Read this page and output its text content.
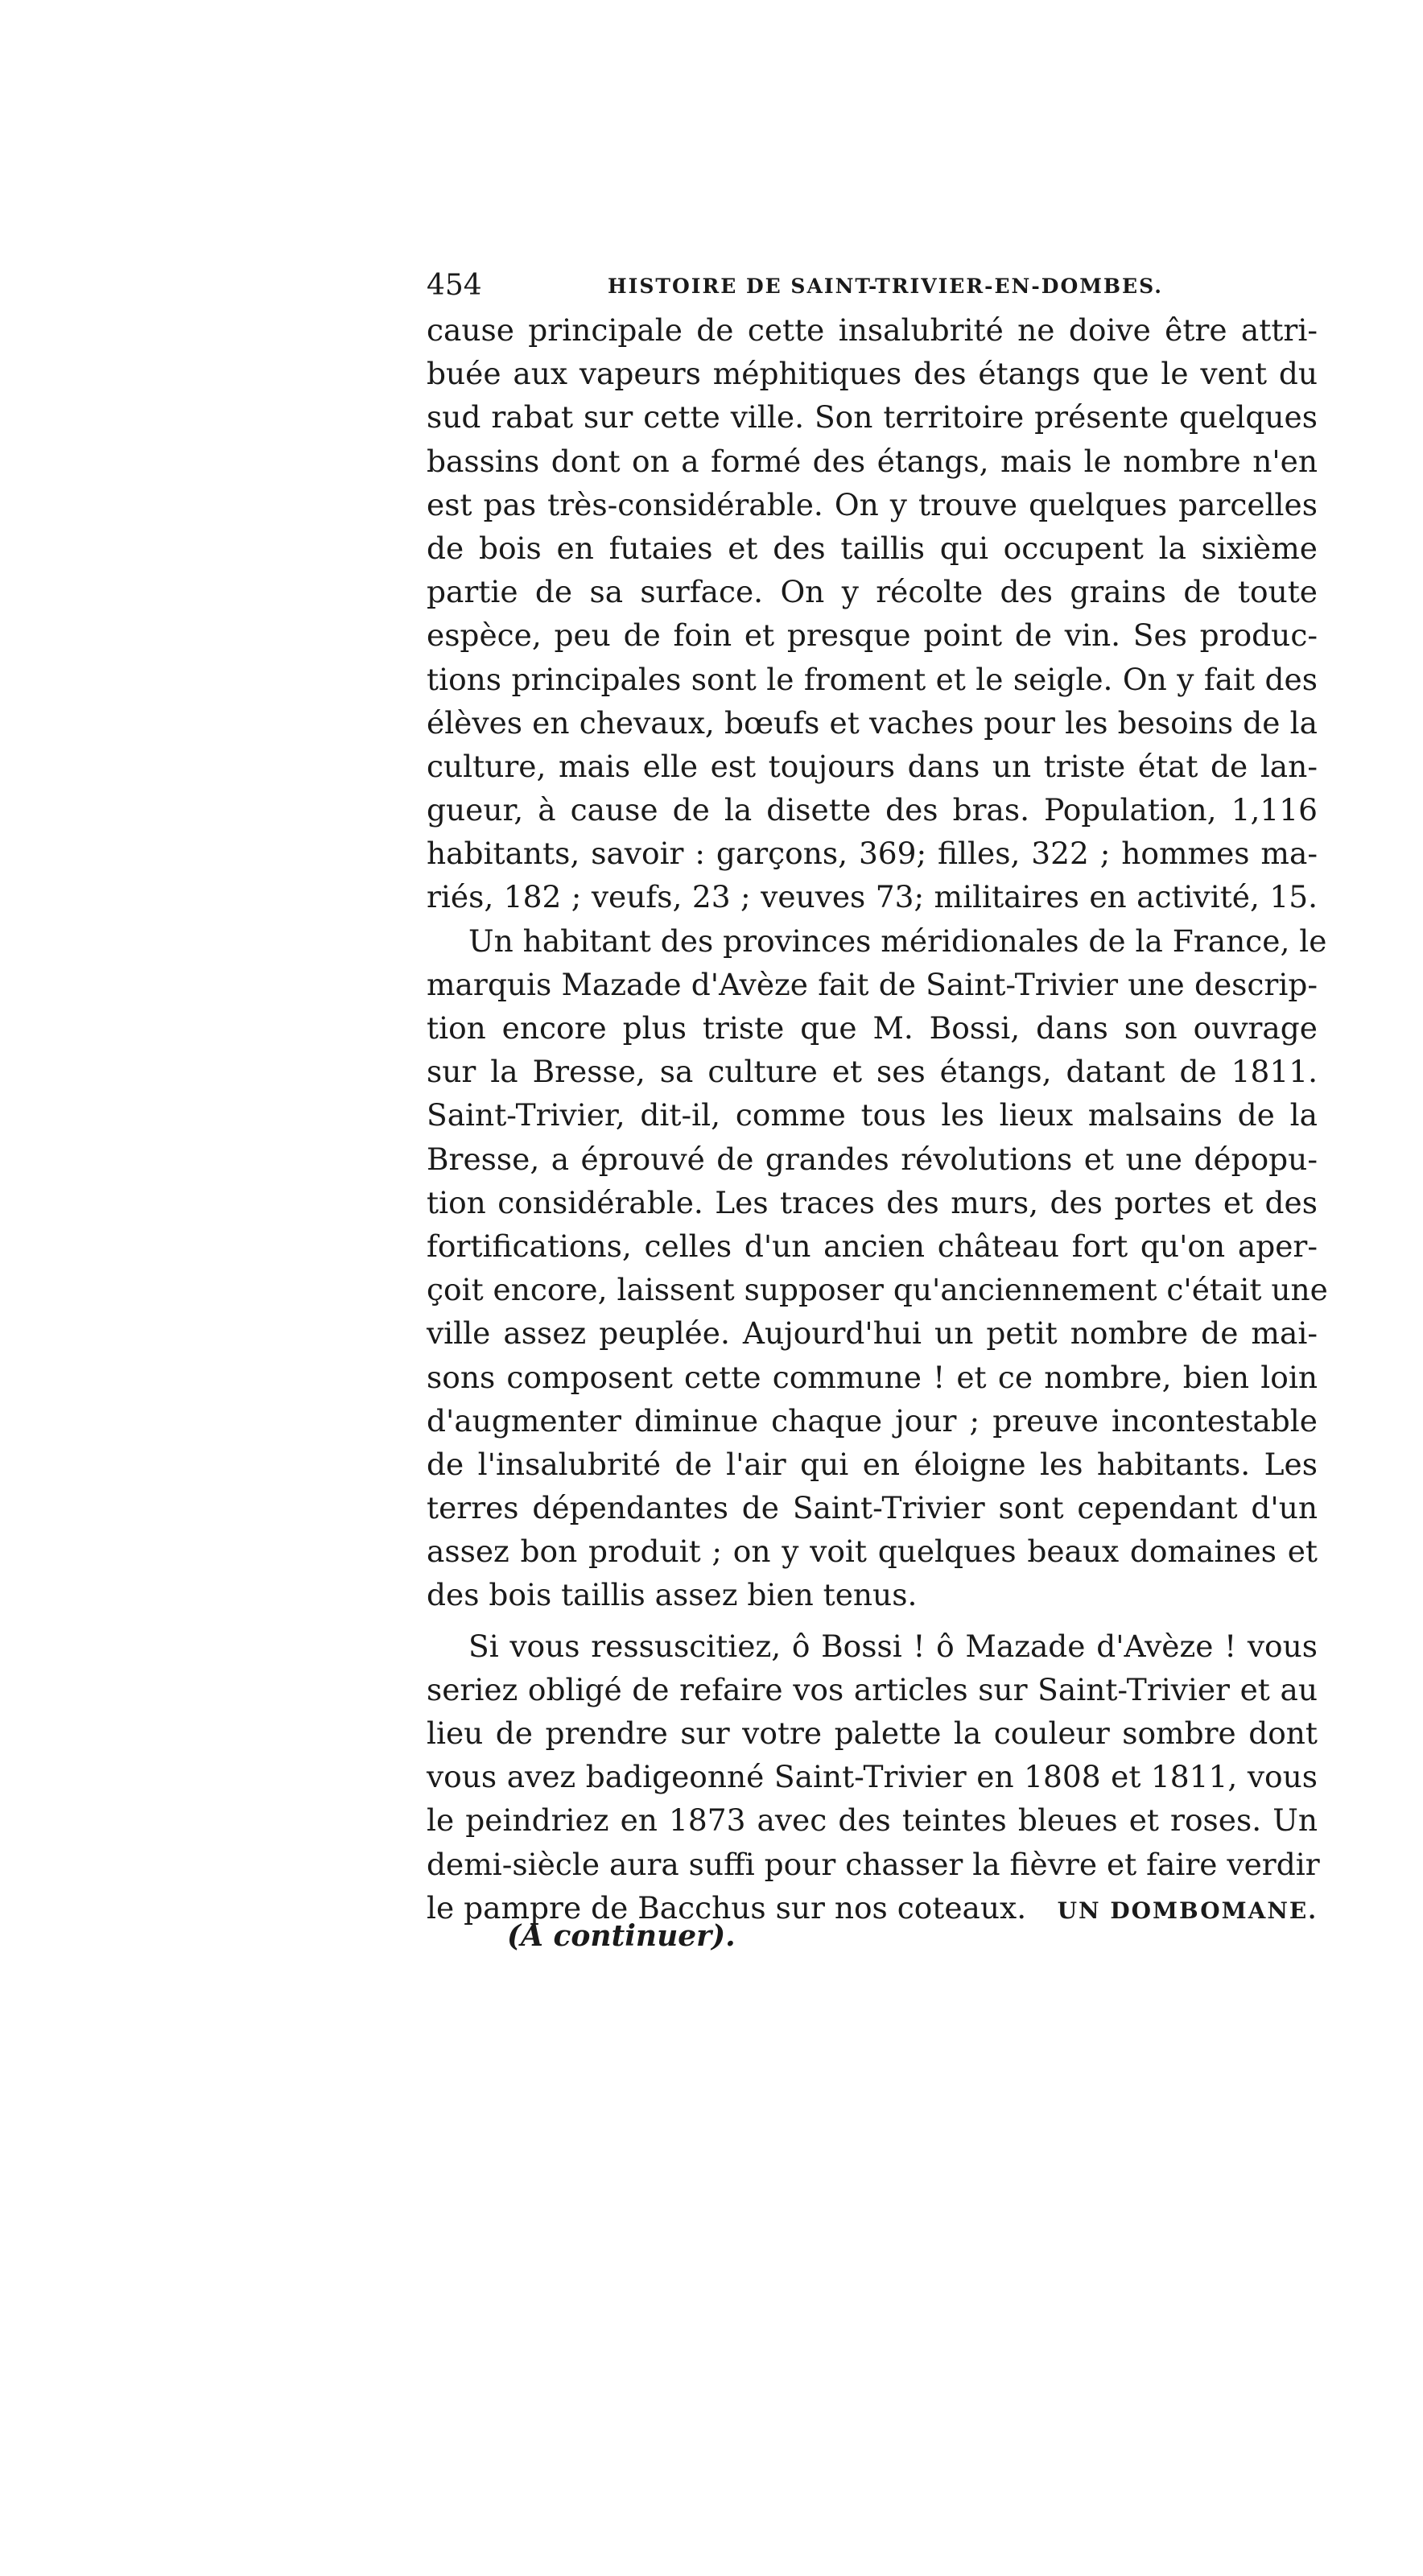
454	HISTOIRE DE SAINT-TRIVIER-EN-DOMBES.
cause principale de cette insalubrité ne doive être attri-
buée aux vapeurs méphitiques des étangs que le vent du
sud rabat sur cette ville. Son territoire présente quelques
bassins dont on a formé des étangs, mais le nombre n'en
est pas très-considérable. On y trouve quelques parcelles
de bois en futaies et des taillis qui occupent la sixième
partie de sa surface. On y récolte des grains de toute
espèce, peu de foin et presque point de vin. Ses produc-
tions principales sont le froment et le seigle. On y fait des
élèves en chevaux, bœufs et vaches pour les besoins de la
culture, mais elle est toujours dans un triste état de lan-
gueur, à cause de la disette des bras. Population, 1,116
habitants, savoir : garçons, 369; filles, 322 ; hommes ma-
riés, 182 ; veufs, 23 ; veuves 73; militaires en activité, 15.
Un habitant des provinces méridionales de la France, le
marquis Mazade d'Avèze fait de Saint-Trivier une descrip-
tion encore plus triste que M. Bossi, dans son ouvrage
sur la Bresse, sa culture et ses étangs, datant de 1811.
Saint-Trivier, dit-il, comme tous les lieux malsains de la
Bresse, a éprouvé de grandes révolutions et une dépopu-
tion considérable. Les traces des murs, des portes et des
fortifications, celles d'un ancien château fort qu'on aper-
çoit encore, laissent supposer qu'anciennement c'était une
ville assez peuplée. Aujourd'hui un petit nombre de mai-
sons composent cette commune ! et ce nombre, bien loin
d'augmenter diminue chaque jour ; preuve incontestable
de l'insalubrité de l'air qui en éloigne les habitants. Les
terres dépendantes de Saint-Trivier sont cependant d'un
assez bon produit ; on y voit quelques beaux domaines et
des bois taillis assez bien tenus.
Si vous ressuscitiez, ô Bossi ! ô Mazade d'Avèze ! vous
seriez obligé de refaire vos articles sur Saint-Trivier et au
lieu de prendre sur votre palette la couleur sombre dont
vous avez badigeonné Saint-Trivier en 1808 et 1811, vous
le peindriez en 1873 avec des teintes bleues et roses. Un
demi-siècle aura suffi pour chasser la fièvre et faire verdir
le pampre de Bacchus sur nos coteaux. UN DOMBOMANE.
(A continuer).
